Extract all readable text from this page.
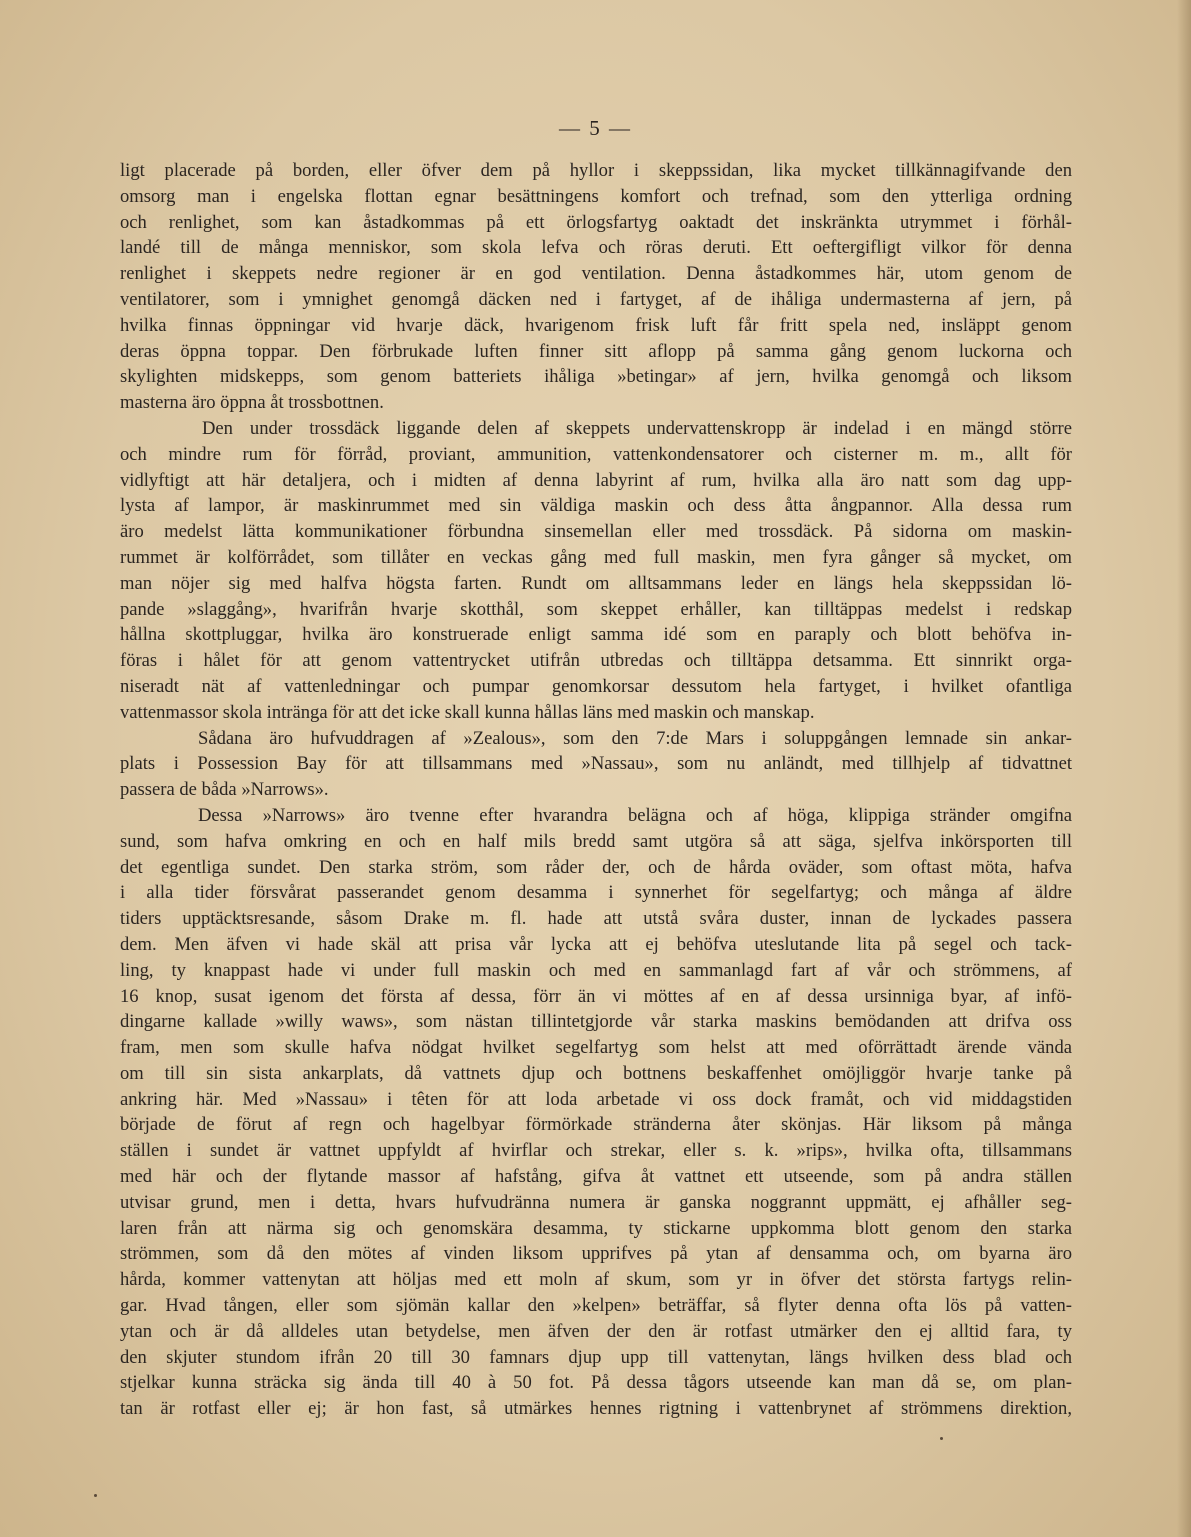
— 5 —
ligt placerade på borden, eller öfver dem på hyllor i skeppssidan, lika mycket tillkännagifvande den
omsorg man i engelska flottan egnar besättningens komfort och trefnad, som den ytterliga ordning
och renlighet, som kan åstadkommas på ett örlogsfartyg oaktadt det inskränkta utrymmet i förhål-
landé till de många menniskor, som skola lefva och röras deruti. Ett oeftergifligt vilkor för denna
renlighet i skeppets nedre regioner är en god ventilation. Denna åstadkommes här, utom genom de
ventilatorer, som i ymnighet genomgå däcken ned i fartyget, af de ihåliga undermasterna af jern, på
hvilka finnas öppningar vid hvarje däck, hvarigenom frisk luft får fritt spela ned, insläppt genom
deras öppna toppar. Den förbrukade luften finner sitt aflopp på samma gång genom luckorna och
skylighten midskepps, som genom batteriets ihåliga »betingar» af jern, hvilka genomgå och liksom
masterna äro öppna åt trossbottnen.
Den under trossdäck liggande delen af skeppets undervattenskropp är indelad i en mängd större
och mindre rum för förråd, proviant, ammunition, vattenkondensatorer och cisterner m. m., allt för
vidlyftigt att här detaljera, och i midten af denna labyrint af rum, hvilka alla äro natt som dag upp-
lysta af lampor, är maskinrummet med sin väldiga maskin och dess åtta ångpannor. Alla dessa rum
äro medelst lätta kommunikationer förbundna sinsemellan eller med trossdäck. På sidorna om maskin-
rummet är kolförrådet, som tillåter en veckas gång med full maskin, men fyra gånger så mycket, om
man nöjer sig med halfva högsta farten. Rundt om alltsammans leder en längs hela skeppssidan lö-
pande »slaggång», hvarifrån hvarje skotthål, som skeppet erhåller, kan tilltäppas medelst i redskap
hållna skottpluggar, hvilka äro konstruerade enligt samma idé som en paraply och blott behöfva in-
föras i hålet för att genom vattentrycket utifrån utbredas och tilltäppa detsamma. Ett sinnrikt orga-
niseradt nät af vattenledningar och pumpar genomkorsar dessutom hela fartyget, i hvilket ofantliga
vattenmassor skola intränga för att det icke skall kunna hållas läns med maskin och manskap.
Sådana äro hufvuddragen af »Zealous», som den 7:de Mars i soluppgången lemnade sin ankar-
plats i Possession Bay för att tillsammans med »Nassau», som nu anländt, med tillhjelp af tidvattnet
passera de båda »Narrows».
Dessa »Narrows» äro tvenne efter hvarandra belägna och af höga, klippiga stränder omgifna
sund, som hafva omkring en och en half mils bredd samt utgöra så att säga, sjelfva inkörsporten till
det egentliga sundet. Den starka ström, som råder der, och de hårda oväder, som oftast möta, hafva
i alla tider försvårat passerandet genom desamma i synnerhet för segelfartyg; och många af äldre
tiders upptäcktsresande, såsom Drake m. fl. hade att utstå svåra duster, innan de lyckades passera
dem. Men äfven vi hade skäl att prisa vår lycka att ej behöfva uteslutande lita på segel och tack-
ling, ty knappast hade vi under full maskin och med en sammanlagd fart af vår och strömmens, af
16 knop, susat igenom det första af dessa, förr än vi möttes af en af dessa ursinniga byar, af infö-
dingarne kallade »willy waws», som nästan tillintetgjorde vår starka maskins bemödanden att drifva oss
fram, men som skulle hafva nödgat hvilket segelfartyg som helst att med oförrättadt ärende vända
om till sin sista ankarplats, då vattnets djup och bottnens beskaffenhet omöjliggör hvarje tanke på
ankring här. Med »Nassau» i têten för att loda arbetade vi oss dock framåt, och vid middagstiden
började de förut af regn och hagelbyar förmörkade stränderna åter skönjas. Här liksom på många
ställen i sundet är vattnet uppfyldt af hvirflar och strekar, eller s. k. »rips», hvilka ofta, tillsammans
med här och der flytande massor af hafstång, gifva åt vattnet ett utseende, som på andra ställen
utvisar grund, men i detta, hvars hufvudränna numera är ganska noggrannt uppmätt, ej afhåller seg-
laren från att närma sig och genomskära desamma, ty stickarne uppkomma blott genom den starka
strömmen, som då den mötes af vinden liksom upprifves på ytan af densamma och, om byarna äro
hårda, kommer vattenytan att höljas med ett moln af skum, som yr in öfver det största fartygs relin-
gar. Hvad tången, eller som sjömän kallar den »kelpen» beträffar, så flyter denna ofta lös på vatten-
ytan och är då alldeles utan betydelse, men äfven der den är rotfast utmärker den ej alltid fara, ty
den skjuter stundom ifrån 20 till 30 famnars djup upp till vattenytan, längs hvilken dess blad och
stjelkar kunna sträcka sig ända till 40 à 50 fot. På dessa tågors utseende kan man då se, om plan-
tan är rotfast eller ej; är hon fast, så utmärkes hennes rigtning i vattenbrynet af strömmens direktion,
